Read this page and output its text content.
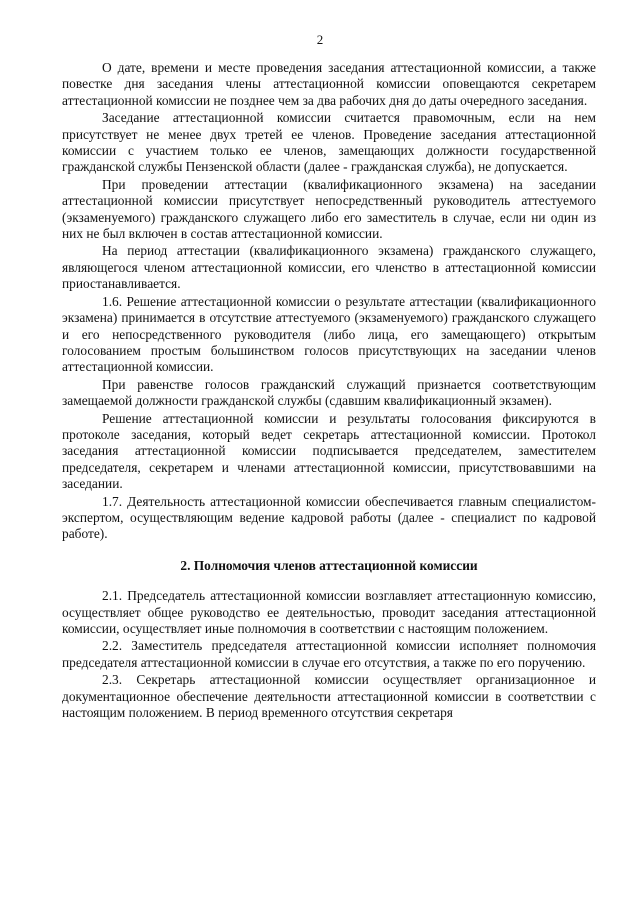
2

О дате, времени и месте проведения заседания аттестационной комиссии, а также повестке дня заседания члены аттестационной комиссии оповещаются секретарем аттестационной комиссии не позднее чем за два рабочих дня до даты очередного заседания.

Заседание аттестационной комиссии считается правомочным, если на нем присутствует не менее двух третей ее членов. Проведение заседания аттестационной комиссии с участием только ее членов, замещающих должности государственной гражданской службы Пензенской области (далее - гражданская служба), не допускается.

При проведении аттестации (квалификационного экзамена) на заседании аттестационной комиссии присутствует непосредственный руководитель аттестуемого (экзаменуемого) гражданского служащего либо его заместитель в случае, если ни один из них не был включен в состав аттестационной комиссии.

На период аттестации (квалификационного экзамена) гражданского служащего, являющегося членом аттестационной комиссии, его членство в аттестационной комиссии приостанавливается.

1.6. Решение аттестационной комиссии о результате аттестации (квалификационного экзамена) принимается в отсутствие аттестуемого (экзаменуемого) гражданского служащего и его непосредственного руководителя (либо лица, его замещающего) открытым голосованием простым большинством голосов присутствующих на заседании членов аттестационной комиссии.

При равенстве голосов гражданский служащий признается соответствующим замещаемой должности гражданской службы (сдавшим квалификационный экзамен).

Решение аттестационной комиссии и результаты голосования фиксируются в протоколе заседания, который ведет секретарь аттестационной комиссии. Протокол заседания аттестационной комиссии подписывается председателем, заместителем председателя, секретарем и членами аттестационной комиссии, присутствовавшими на заседании.

1.7. Деятельность аттестационной комиссии обеспечивается главным специалистом-экспертом, осуществляющим ведение кадровой работы (далее - специалист по кадровой работе).

2. Полномочия членов аттестационной комиссии

2.1. Председатель аттестационной комиссии возглавляет аттестационную комиссию, осуществляет общее руководство ее деятельностью, проводит заседания аттестационной комиссии, осуществляет иные полномочия в соответствии с настоящим положением.

2.2. Заместитель председателя аттестационной комиссии исполняет полномочия председателя аттестационной комиссии в случае его отсутствия, а также по его поручению.

2.3. Секретарь аттестационной комиссии осуществляет организационное и документационное обеспечение деятельности аттестационной комиссии в соответствии с настоящим положением. В период временного отсутствия секретаря
